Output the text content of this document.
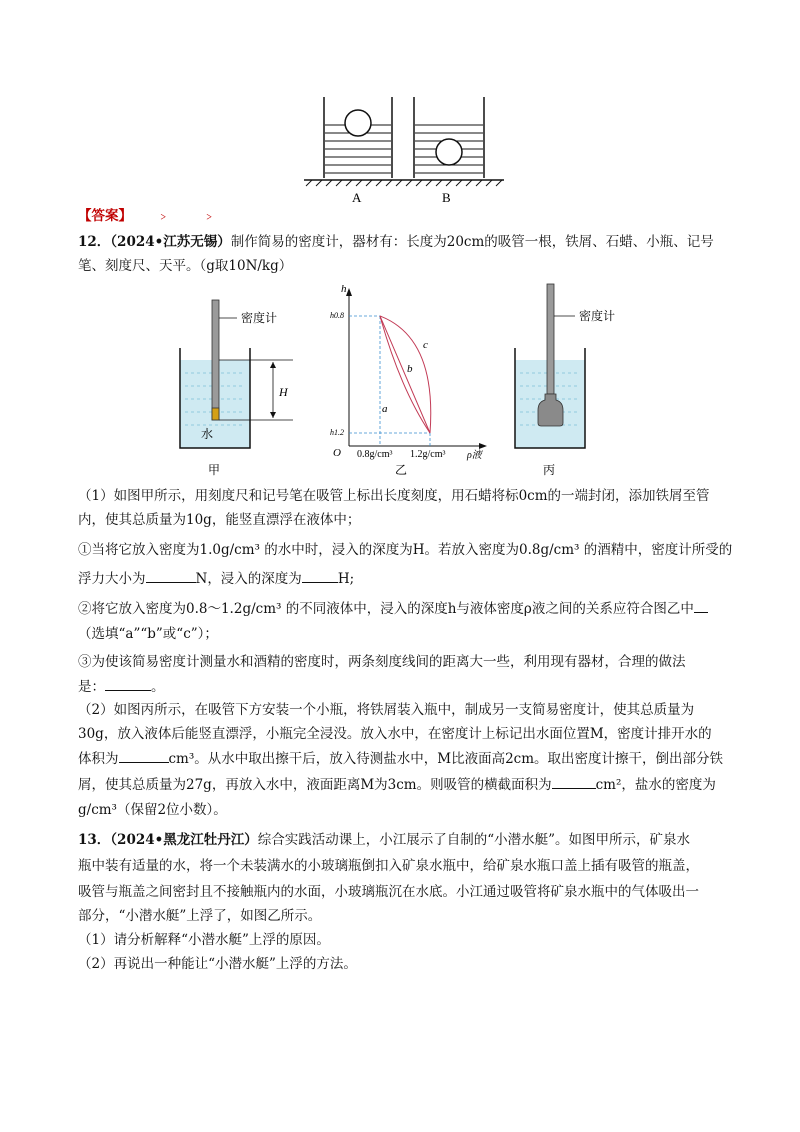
A	B
【答案】 ﹥ ﹥
12．（2024•江苏无锡）制作简易的密度计，器材有：长度为20cm的吸管一根，铁屑、石蜡、小瓶、记号
笔、刻度尺、天平。（g取10N/kg）
密度计
H
水
甲
h
h0.8
h1.2
O
a
b
c
0.8g/cm³ 1.2g/cm³ ρ液
乙
密度计
丙
（1）如图甲所示，用刻度尺和记号笔在吸管上标出长度刻度，用石蜡将标0cm的一端封闭，添加铁屑至管
内，使其总质量为10g，能竖直漂浮在液体中；
①当将它放入密度为1.0g/cm³ 的水中时，浸入的深度为H。若放入密度为0.8g/cm³ 的酒精中，密度计所受的
浮力大小为	N，浸入的深度为	H;
②将它放入密度为0.8～1.2g/cm³ 的不同液体中，浸入的深度h与液体密度ρ液之间的关系应符合图乙中
（选填“a”“b”或“c”）；
③为使该简易密度计测量水和酒精的密度时，两条刻度线间的距离大一些，利用现有器材，合理的做法
是：	。
（2）如图丙所示，在吸管下方安装一个小瓶，将铁屑装入瓶中，制成另一支简易密度计，使其总质量为
30g，放入液体后能竖直漂浮，小瓶完全浸没。放入水中，在密度计上标记出水面位置M，密度计排开水的
体积为	cm³。从水中取出擦干后，放入待测盐水中，M比液面高2cm。取出密度计擦干，倒出部分铁
屑，使其总质量为27g，再放入水中，液面距离M为3cm。则吸管的横截面积为	cm²，盐水的密度为
g/cm³（保留2位小数）。
13．（2024•黑龙江牡丹江）综合实践活动课上，小江展示了自制的“小潜水艇”。如图甲所示，矿泉水
瓶中装有适量的水，将一个未装满水的小玻璃瓶倒扣入矿泉水瓶中，给矿泉水瓶口盖上插有吸管的瓶盖，
吸管与瓶盖之间密封且不接触瓶内的水面，小玻璃瓶沉在水底。小江通过吸管将矿泉水瓶中的气体吸出一
部分，“小潜水艇”上浮了，如图乙所示。
（1）请分析解释“小潜水艇”上浮的原因。
（2）再说出一种能让“小潜水艇”上浮的方法。
